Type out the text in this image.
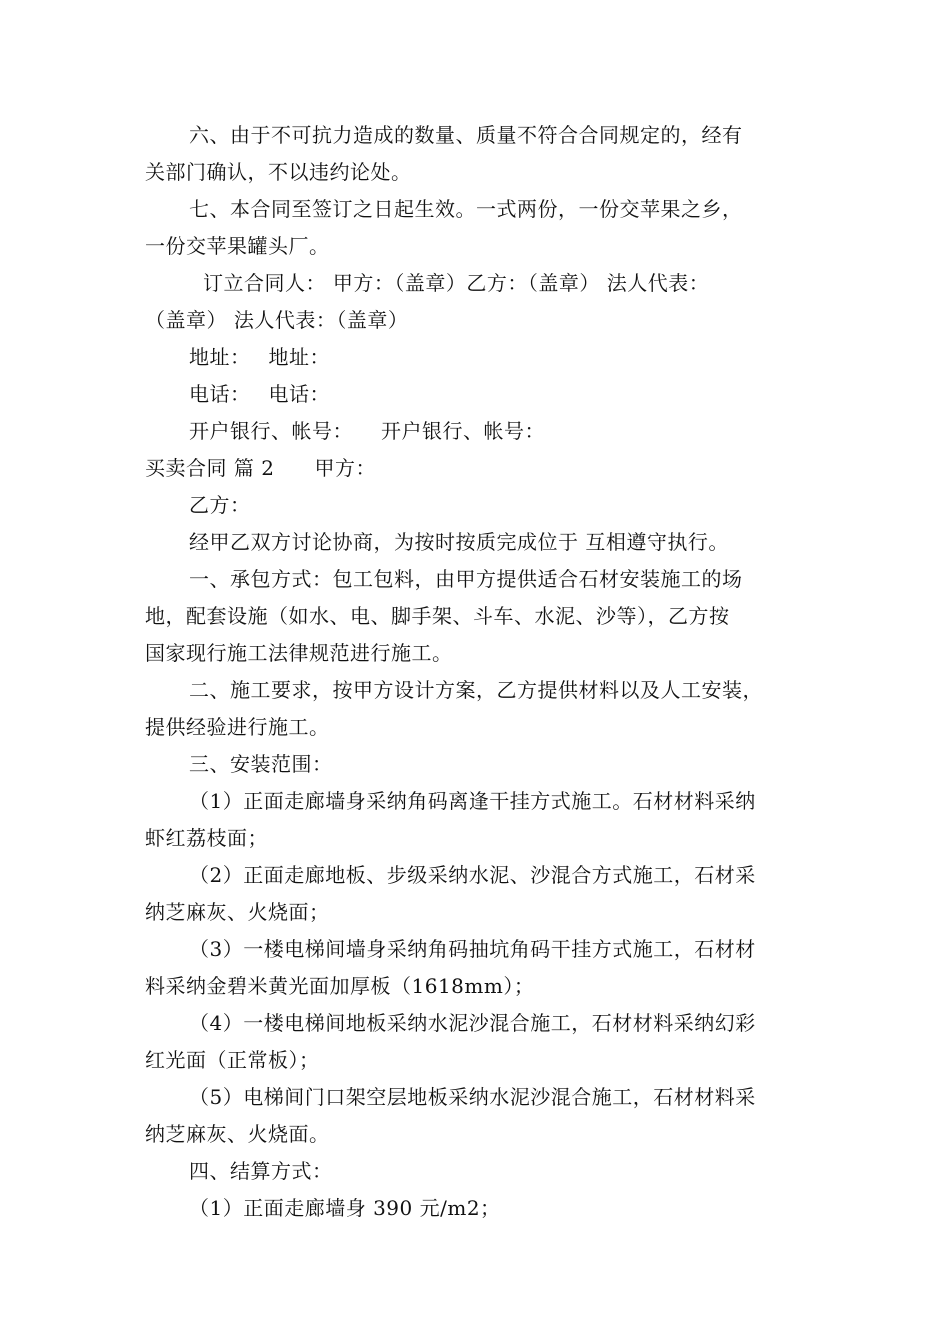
六、由于不可抗力造成的数量、质量不符合合同规定的，经有
关部门确认，不以违约论处。
七、本合同至签订之日起生效。一式两份，一份交苹果之乡，
一份交苹果罐头厂。
订立合同人： 甲方：（盖章）乙方：（盖章） 法人代表：
（盖章） 法人代表：（盖章）
地址： 地址：
电话： 电话：
开户银行、帐号： 开户银行、帐号：
买卖合同 篇 2 甲方：
乙方：
经甲乙双方讨论协商，为按时按质完成位于 互相遵守执行。
一、承包方式：包工包料，由甲方提供适合石材安装施工的场
地，配套设施（如水、电、脚手架、斗车、水泥、沙等），乙方按
国家现行施工法律规范进行施工。
二、施工要求，按甲方设计方案，乙方提供材料以及人工安装，
提供经验进行施工。
三、安装范围：
（1）正面走廊墙身采纳角码离逢干挂方式施工。石材材料采纳
虾红荔枝面；
（2）正面走廊地板、步级采纳水泥、沙混合方式施工，石材采
纳芝麻灰、火烧面；
（3）一楼电梯间墙身采纳角码抽坑角码干挂方式施工，石材材
料采纳金碧米黄光面加厚板（1618mm）；
（4）一楼电梯间地板采纳水泥沙混合施工，石材材料采纳幻彩
红光面（正常板）；
（5）电梯间门口架空层地板采纳水泥沙混合施工，石材材料采
纳芝麻灰、火烧面。
四、结算方式：
（1）正面走廊墙身 390 元/m2；
